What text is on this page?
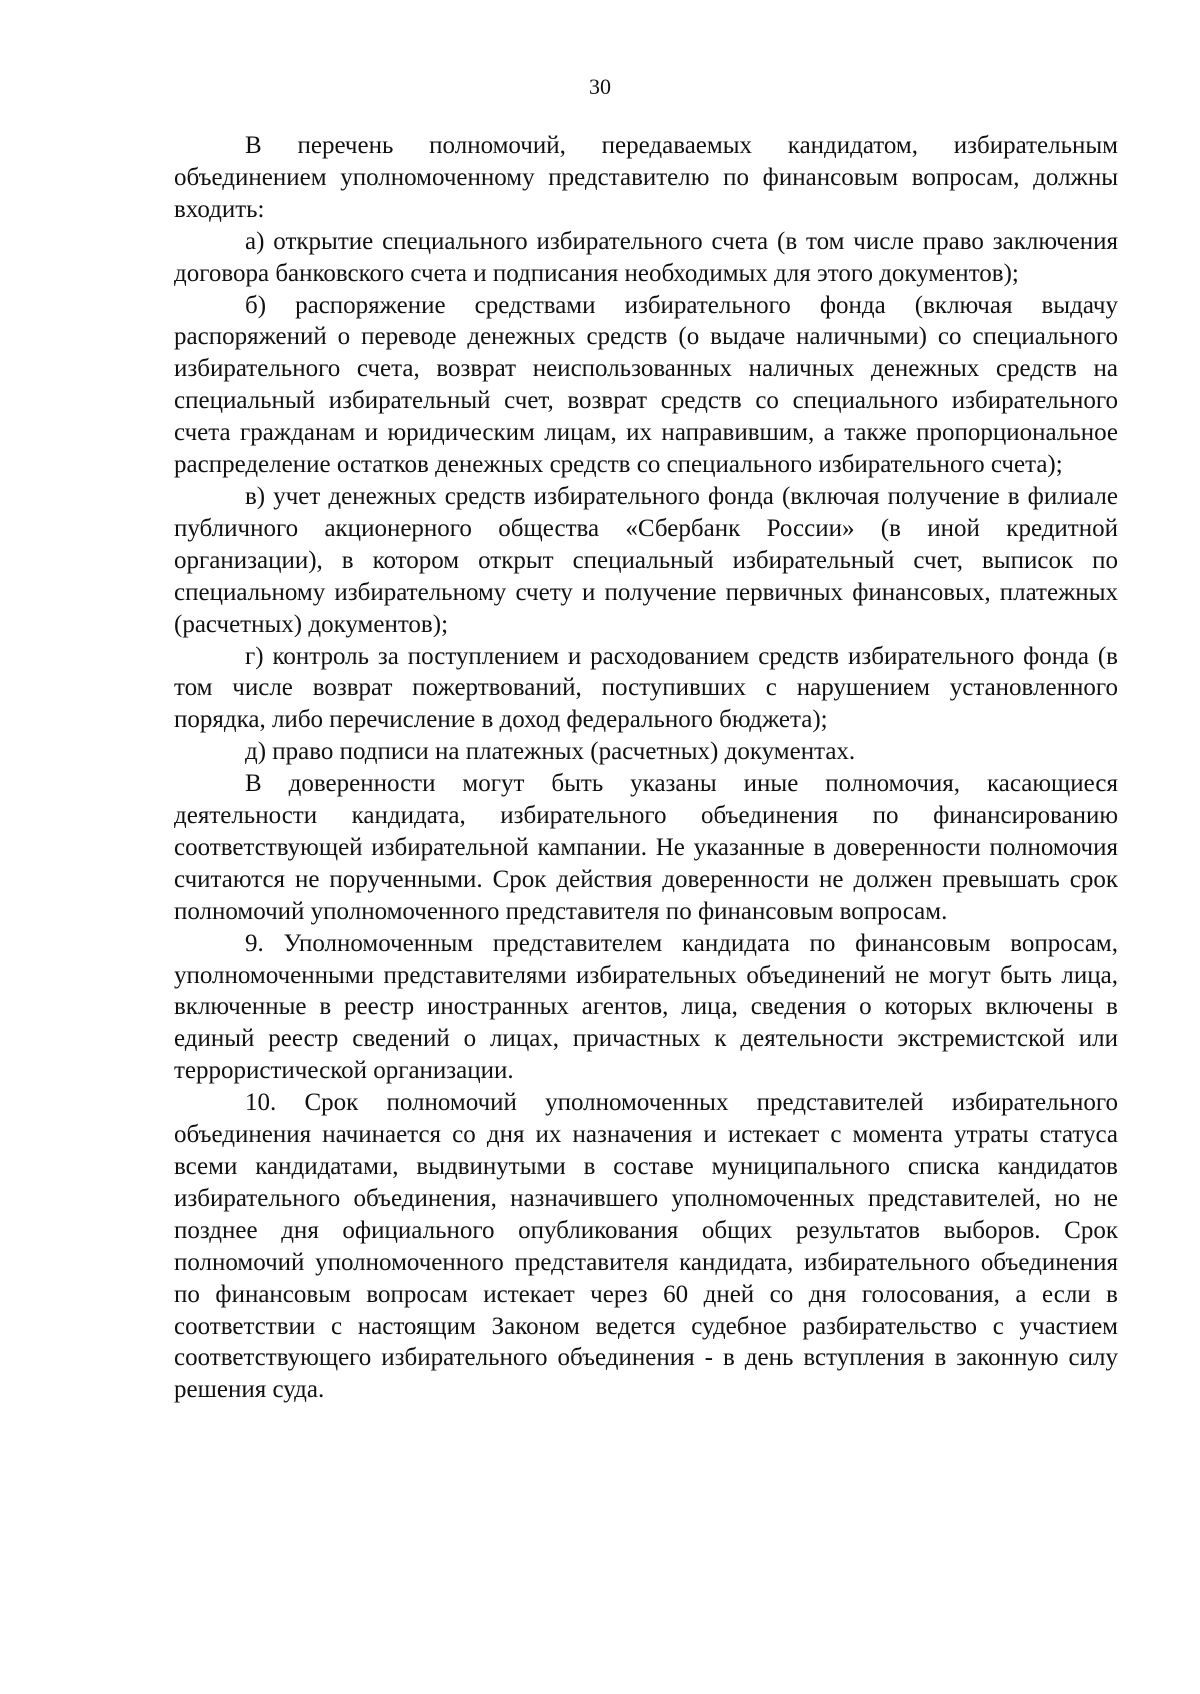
30

В перечень полномочий, передаваемых кандидатом, избирательным объединением уполномоченному представителю по финансовым вопросам, должны входить:

а) открытие специального избирательного счета (в том числе право заключения договора банковского счета и подписания необходимых для этого документов);

б) распоряжение средствами избирательного фонда (включая выдачу распоряжений о переводе денежных средств (о выдаче наличными) со специального избирательного счета, возврат неиспользованных наличных денежных средств на специальный избирательный счет, возврат средств со специального избирательного счета гражданам и юридическим лицам, их направившим, а также пропорциональное распределение остатков денежных средств со специального избирательного счета);

в) учет денежных средств избирательного фонда (включая получение в филиале публичного акционерного общества «Сбербанк России» (в иной кредитной организации), в котором открыт специальный избирательный счет, выписок по специальному избирательному счету и получение первичных финансовых, платежных (расчетных) документов);

г) контроль за поступлением и расходованием средств избирательного фонда (в том числе возврат пожертвований, поступивших с нарушением установленного порядка, либо перечисление в доход федерального бюджета);

д) право подписи на платежных (расчетных) документах.

В доверенности могут быть указаны иные полномочия, касающиеся деятельности кандидата, избирательного объединения по финансированию соответствующей избирательной кампании. Не указанные в доверенности полномочия считаются не порученными. Срок действия доверенности не должен превышать срок полномочий уполномоченного представителя по финансовым вопросам.

9. Уполномоченным представителем кандидата по финансовым вопросам, уполномоченными представителями избирательных объединений не могут быть лица, включенные в реестр иностранных агентов, лица, сведения о которых включены в единый реестр сведений о лицах, причастных к деятельности экстремистской или террористической организации.

10. Срок полномочий уполномоченных представителей избирательного объединения начинается со дня их назначения и истекает с момента утраты статуса всеми кандидатами, выдвинутыми в составе муниципального списка кандидатов избирательного объединения, назначившего уполномоченных представителей, но не позднее дня официального опубликования общих результатов выборов. Срок полномочий уполномоченного представителя кандидата, избирательного объединения по финансовым вопросам истекает через 60 дней со дня голосования, а если в соответствии с настоящим Законом ведется судебное разбирательство с участием соответствующего избирательного объединения - в день вступления в законную силу решения суда.
